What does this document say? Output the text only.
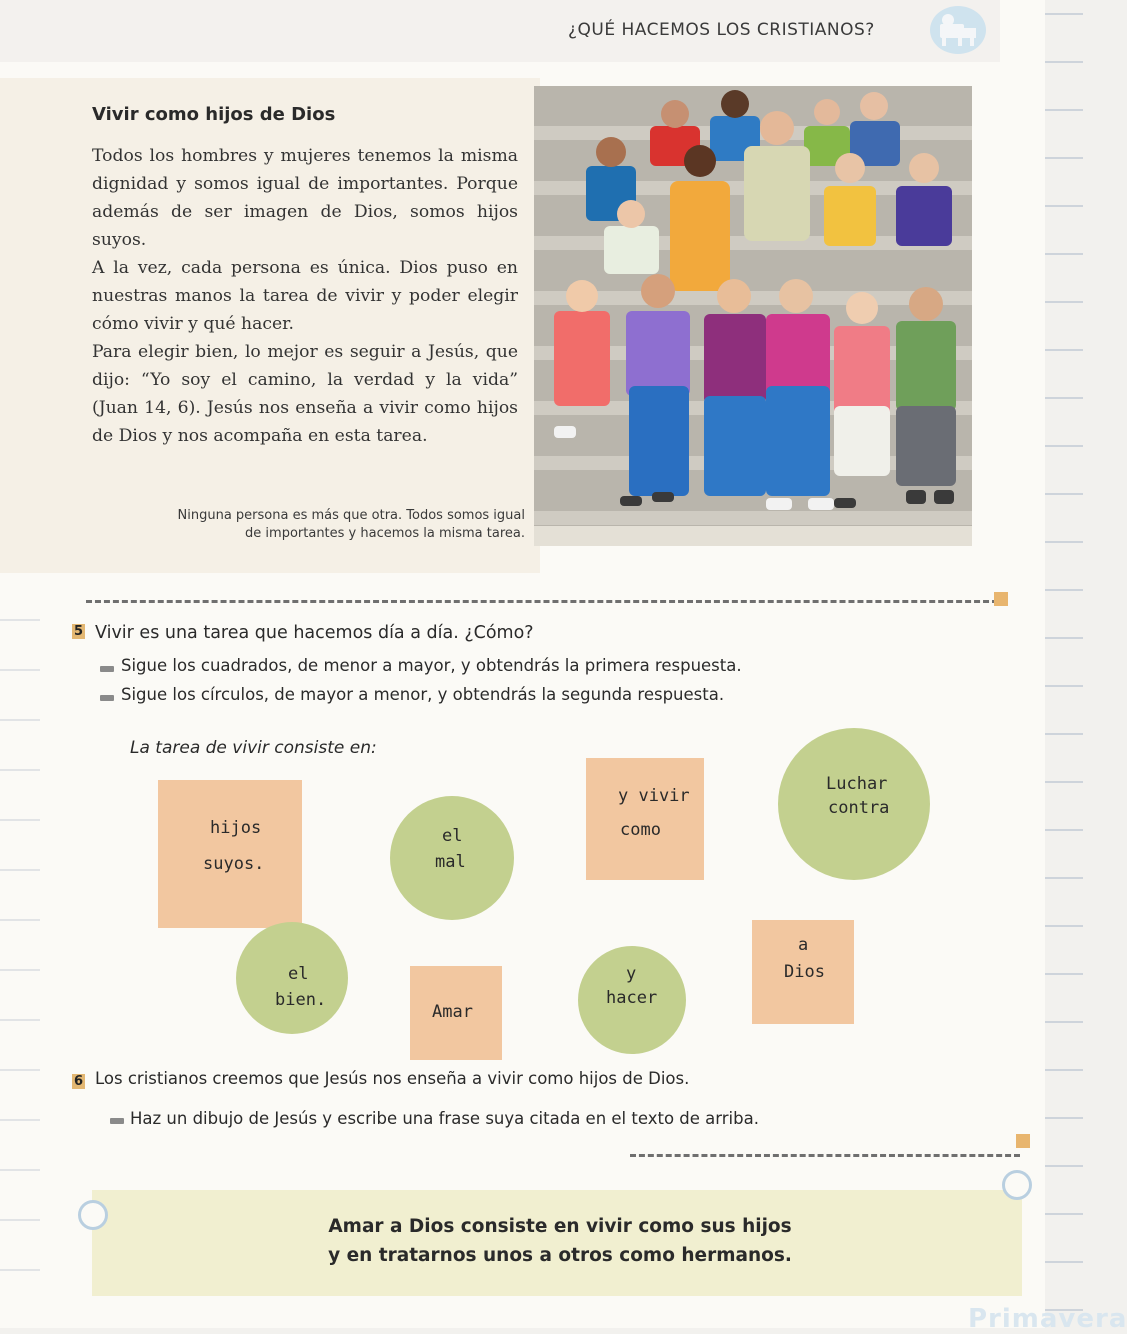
¿QUÉ HACEMOS LOS CRISTIANOS?
Vivir como hijos de Dios

Todos los hombres y mujeres tenemos la misma dignidad y somos igual de importantes. Porque además de ser imagen de Dios, somos hijos suyos.

A la vez, cada persona es única. Dios puso en nuestras manos la tarea de vivir y poder elegir cómo vivir y qué hacer.

Para elegir bien, lo mejor es seguir a Jesús, que dijo: “Yo soy el camino, la verdad y la vida” (Juan 14, 6). Jesús nos enseña a vivir como hijos de Dios y nos acompaña en esta tarea.

Ninguna persona es más que otra. Todos somos igual de importantes y hacemos la misma tarea.
5 Vivir es una tarea que hacemos día a día. ¿Cómo?
Sigue los cuadrados, de menor a mayor, y obtendrás la primera respuesta.
Sigue los círculos, de mayor a menor, y obtendrás la segunda respuesta.
La tarea de vivir consiste en:
hijos
suyos.
y vivir
como
a
Dios
Amar
el
mal
Luchar
contra
el
bien.
y
hacer
6 Los cristianos creemos que Jesús nos enseña a vivir como hijos de Dios.
Haz un dibujo de Jesús y escribe una frase suya citada en el texto de arriba.
Amar a Dios consiste en vivir como sus hijos
y en tratarnos unos a otros como hermanos.
Primavera
